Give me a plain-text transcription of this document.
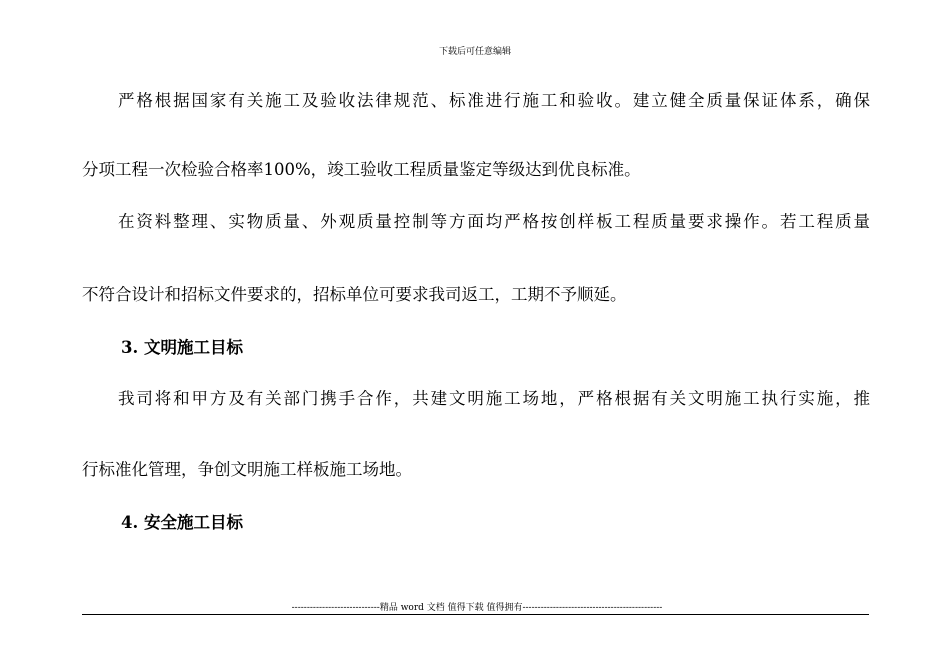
下载后可任意编辑
严格根据国家有关施工及验收法律规范、标准进行施工和验收。建立健全质量保证体系，确保
分项工程一次检验合格率100%，竣工验收工程质量鉴定等级达到优良标准。
在资料整理、实物质量、外观质量控制等方面均严格按创样板工程质量要求操作。若工程质量
不符合设计和招标文件要求的，招标单位可要求我司返工，工期不予顺延。
3. 文明施工目标
我司将和甲方及有关部门携手合作，共建文明施工场地，严格根据有关文明施工执行实施，推
行标准化管理，争创文明施工样板施工场地。
4. 安全施工目标
-----------------------------精品 word 文档 值得下载 值得拥有----------------------------------------------
